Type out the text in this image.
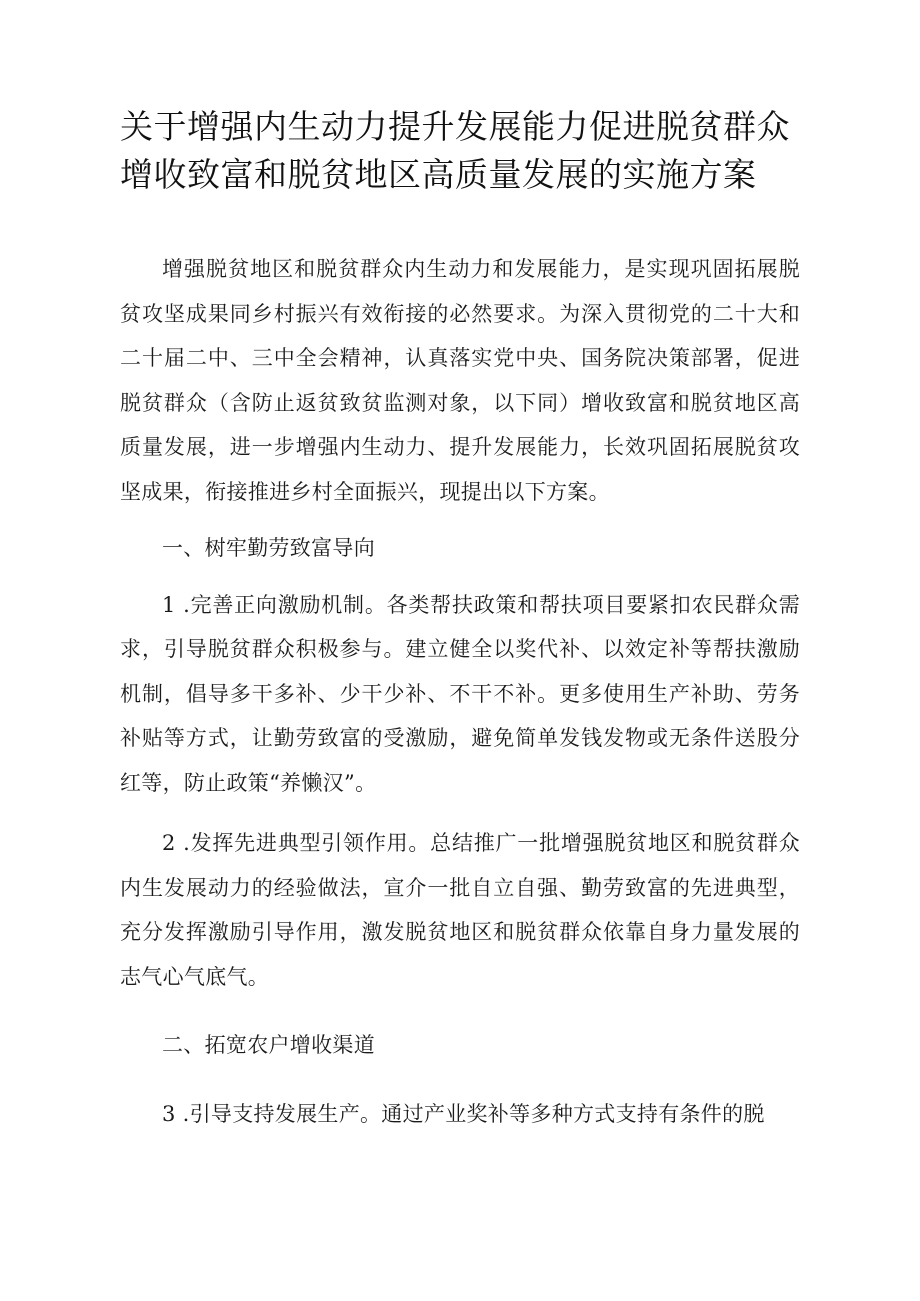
关于增强内生动力提升发展能力促进脱贫群众增收致富和脱贫地区高质量发展的实施方案

增强脱贫地区和脱贫群众内生动力和发展能力，是实现巩固拓展脱贫攻坚成果同乡村振兴有效衔接的必然要求。为深入贯彻党的二十大和二十届二中、三中全会精神，认真落实党中央、国务院决策部署，促进脱贫群众（含防止返贫致贫监测对象，以下同）增收致富和脱贫地区高质量发展，进一步增强内生动力、提升发展能力，长效巩固拓展脱贫攻坚成果，衔接推进乡村全面振兴，现提出以下方案。

一、树牢勤劳致富导向

1 .完善正向激励机制。各类帮扶政策和帮扶项目要紧扣农民群众需求，引导脱贫群众积极参与。建立健全以奖代补、以效定补等帮扶激励机制，倡导多干多补、少干少补、不干不补。更多使用生产补助、劳务补贴等方式，让勤劳致富的受激励，避免简单发钱发物或无条件送股分红等，防止政策“养懒汉”。

2 .发挥先进典型引领作用。总结推广一批增强脱贫地区和脱贫群众内生发展动力的经验做法，宣介一批自立自强、勤劳致富的先进典型，充分发挥激励引导作用，激发脱贫地区和脱贫群众依靠自身力量发展的志气心气底气。

二、拓宽农户增收渠道

3 .引导支持发展生产。通过产业奖补等多种方式支持有条件的脱
